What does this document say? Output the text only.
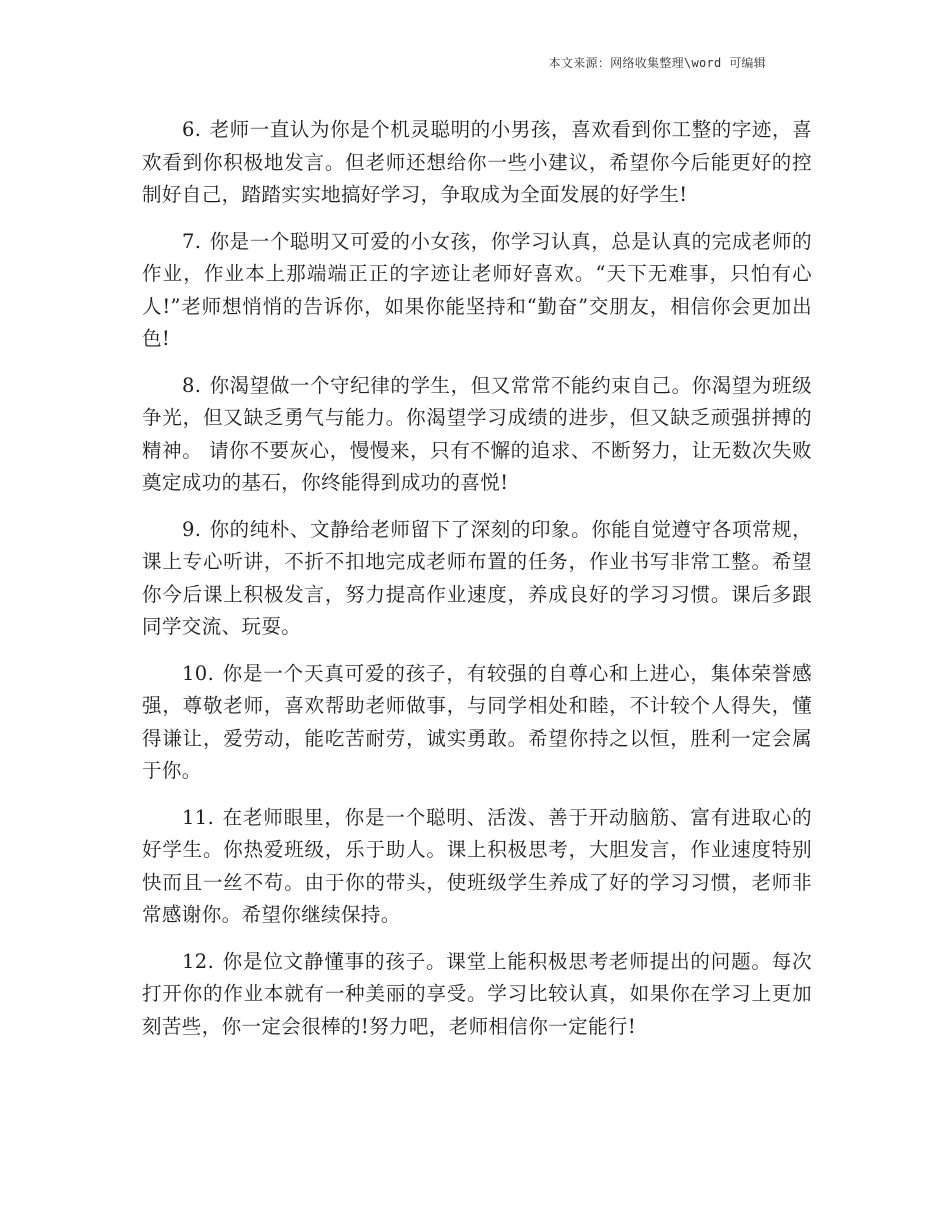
本文来源：网络收集整理\word 可编辑

6. 老师一直认为你是个机灵聪明的小男孩，喜欢看到你工整的字迹，喜欢看到你积极地发言。但老师还想给你一些小建议，希望你今后能更好的控制好自己，踏踏实实地搞好学习，争取成为全面发展的好学生!

7. 你是一个聪明又可爱的小女孩，你学习认真，总是认真的完成老师的作业，作业本上那端端正正的字迹让老师好喜欢。“天下无难事，只怕有心人!”老师想悄悄的告诉你，如果你能坚持和“勤奋”交朋友，相信你会更加出色!

8. 你渴望做一个守纪律的学生，但又常常不能约束自己。你渴望为班级争光，但又缺乏勇气与能力。你渴望学习成绩的进步，但又缺乏顽强拼搏的精神。 请你不要灰心，慢慢来，只有不懈的追求、不断努力，让无数次失败奠定成功的基石，你终能得到成功的喜悦!

9. 你的纯朴、文静给老师留下了深刻的印象。你能自觉遵守各项常规，课上专心听讲，不折不扣地完成老师布置的任务，作业书写非常工整。希望你今后课上积极发言，努力提高作业速度，养成良好的学习习惯。课后多跟同学交流、玩耍。

10. 你是一个天真可爱的孩子，有较强的自尊心和上进心，集体荣誉感强，尊敬老师，喜欢帮助老师做事，与同学相处和睦，不计较个人得失，懂得谦让，爱劳动，能吃苦耐劳，诚实勇敢。希望你持之以恒，胜利一定会属于你。

11. 在老师眼里，你是一个聪明、活泼、善于开动脑筋、富有进取心的好学生。你热爱班级，乐于助人。课上积极思考，大胆发言，作业速度特别快而且一丝不苟。由于你的带头，使班级学生养成了好的学习习惯，老师非常感谢你。希望你继续保持。

12. 你是位文静懂事的孩子。课堂上能积极思考老师提出的问题。每次打开你的作业本就有一种美丽的享受。学习比较认真，如果你在学习上更加刻苦些，你一定会很棒的!努力吧，老师相信你一定能行!
